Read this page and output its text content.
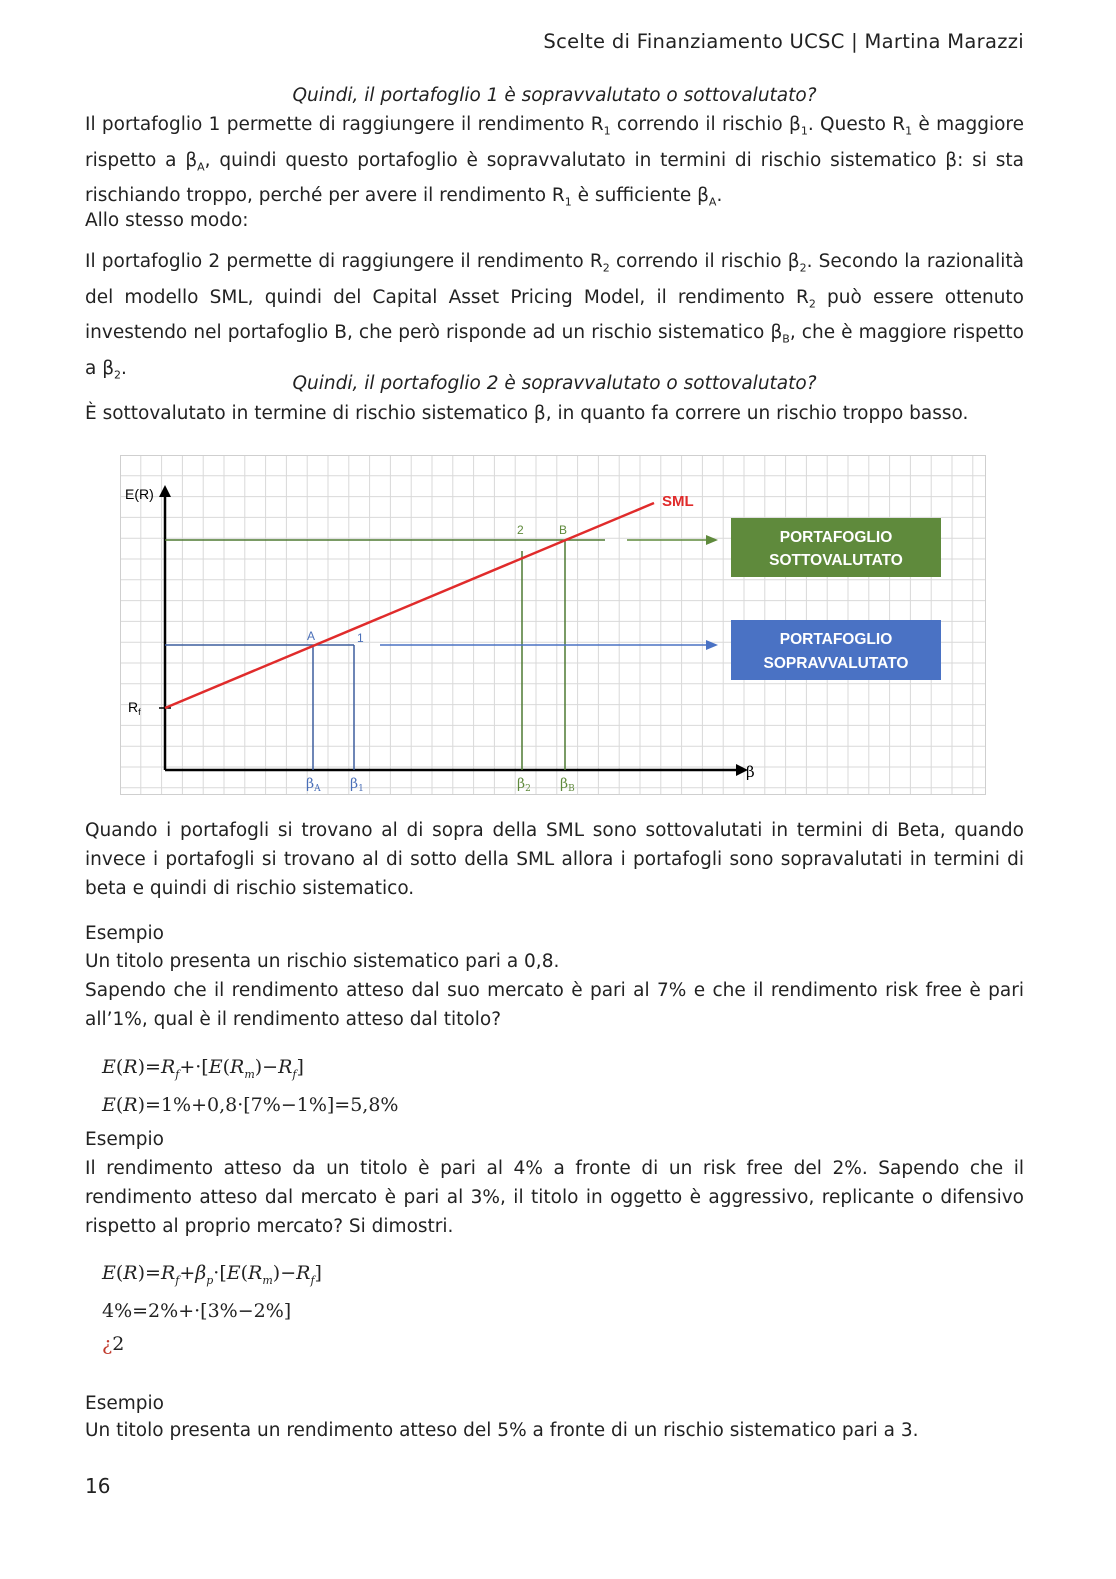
Scelte di Finanziamento UCSC | Martina Marazzi
Quindi, il portafoglio 1 è sopravvalutato o sottovalutato?
Il portafoglio 1 permette di raggiungere il rendimento $R_1$ correndo il rischio $\beta_1$. Questo $R_1$ è maggiore rispetto a $\beta_A$, quindi questo portafoglio è sopravvalutato in termini di rischio sistematico β: si sta rischiando troppo, perché per avere il rendimento $R_1$ è sufficiente $\beta_A$.
Allo stesso modo:
Il portafoglio 2 permette di raggiungere il rendimento $R_2$ correndo il rischio $\beta_2$. Secondo la razionalità del modello SML, quindi del Capital Asset Pricing Model, il rendimento $R_2$ può essere ottenuto investendo nel portafoglio B, che però risponde ad un rischio sistematico $\beta_B$, che è maggiore rispetto a $\beta_2$.
Quindi, il portafoglio 2 è sopravvalutato o sottovalutato?
È sottovalutato in termine di rischio sistematico β, in quanto fa correre un rischio troppo basso.
E(R)
β
$R_f$
SML
A	1
2	B
$\beta_A$ $\beta_1$	$\beta_2$ $\beta_B$
PORTAFOGLIO
SOTTOVALUTATO
PORTAFOGLIO
SOPRAVVALUTATO
Quando i portafogli si trovano al di sopra della SML sono sottovalutati in termini di Beta, quando invece i portafogli si trovano al di sotto della SML allora i portafogli sono sopravalutati in termini di beta e quindi di rischio sistematico.
Esempio
Un titolo presenta un rischio sistematico pari a 0,8.
Sapendo che il rendimento atteso dal suo mercato è pari al 7% e che il rendimento risk free è pari all’1%, qual è il rendimento atteso dal titolo?
$E(R)=R_f+\cdot[E(R_m)-R_f]$
E(R)=1%+0,8·[7%−1%]=5,8%
Esempio
Il rendimento atteso da un titolo è pari al 4% a fronte di un risk free del 2%. Sapendo che il rendimento atteso dal mercato è pari al 3%, il titolo in oggetto è aggressivo, replicante o difensivo rispetto al proprio mercato? Si dimostri.
$E(R)=R_f+\beta_p\cdot[E(R_m)-R_f]$
4%=2%+·[3%−2%]
¿2
Esempio
Un titolo presenta un rendimento atteso del 5% a fronte di un rischio sistematico pari a 3.
16
